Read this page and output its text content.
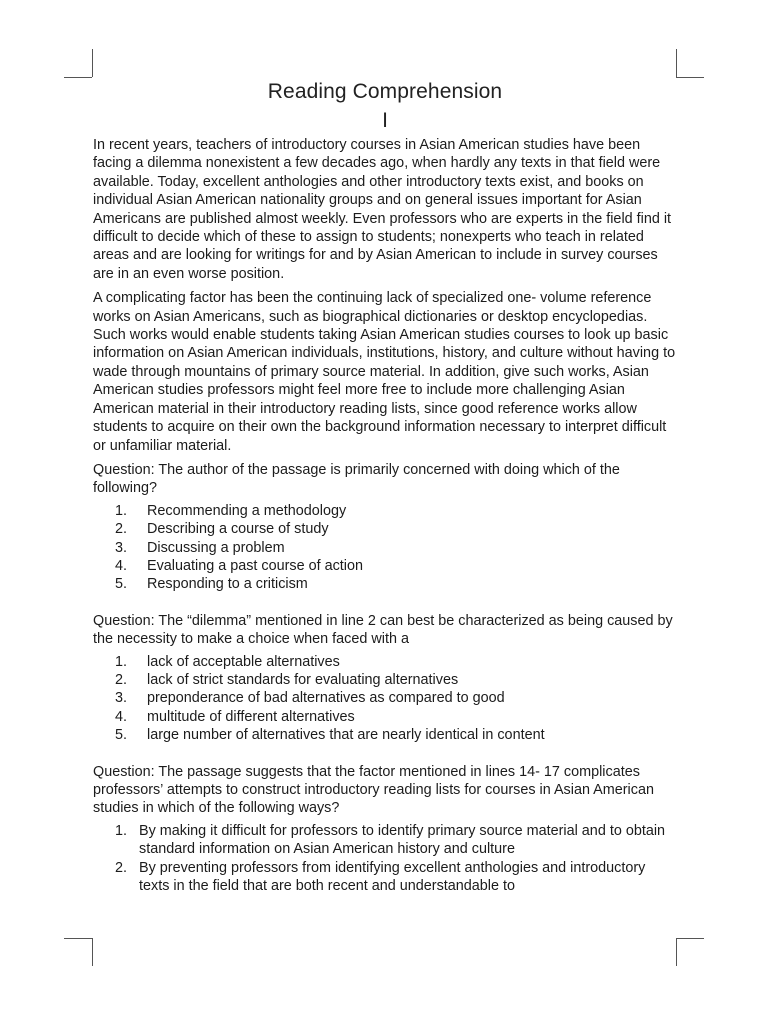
Reading Comprehension
I

In recent years, teachers of introductory courses in Asian American studies have been facing a dilemma nonexistent a few decades ago, when hardly any texts in that field were available. Today, excellent anthologies and other introductory texts exist, and books on individual Asian American nationality groups and on general issues important for Asian Americans are published almost weekly. Even professors who are experts in the field find it difficult to decide which of these to assign to students; nonexperts who teach in related areas and are looking for writings for and by Asian American to include in survey courses are in an even worse position.

A complicating factor has been the continuing lack of specialized one- volume reference works on Asian Americans, such as biographical dictionaries or desktop encyclopedias. Such works would enable students taking Asian American studies courses to look up basic information on Asian American individuals, institutions, history, and culture without having to wade through mountains of primary source material. In addition, give such works, Asian American studies professors might feel more free to include more challenging Asian American material in their introductory reading lists, since good reference works allow students to acquire on their own the background information necessary to interpret difficult or unfamiliar material.

Question: The author of the passage is primarily concerned with doing which of the following?
1. Recommending a methodology
2. Describing a course of study
3. Discussing a problem
4. Evaluating a past course of action
5. Responding to a criticism
Question: The “dilemma” mentioned in line 2 can best be characterized as being caused by the necessity to make a choice when faced with a
1. lack of acceptable alternatives
2. lack of strict standards for evaluating alternatives
3. preponderance of bad alternatives as compared to good
4. multitude of different alternatives
5. large number of alternatives that are nearly identical in content
Question: The passage suggests that the factor mentioned in lines 14- 17 complicates professors’ attempts to construct introductory reading lists for courses in Asian American studies in which of the following ways?
1. By making it difficult for professors to identify primary source material and to obtain standard information on Asian American history and culture
2. By preventing professors from identifying excellent anthologies and introductory texts in the field that are both recent and understandable to
